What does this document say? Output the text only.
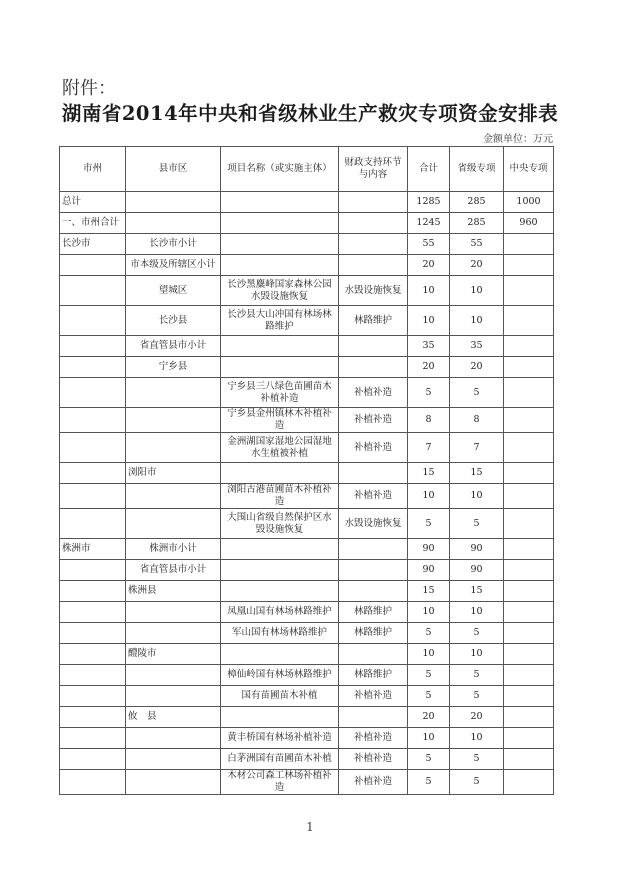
附件：
湖南省2014年中央和省级林业生产救灾专项资金安排表
金额单位：万元
市州	县市区	项目名称（或实施主体）	财政支持环节与内容	合计	省级专项	中央专项
总计				1285	285	1000
一、市州合计				1245	285	960
长沙市	长沙市小计			55	55	
	市本级及所辖区小计			20	20	
	望城区	长沙黑麋峰国家森林公园水毁设施恢复	水毁设施恢复	10	10	
	长沙县	长沙县大山冲国有林场林路维护	林路维护	10	10	
	省直管县市小计			35	35	
	宁乡县			20	20	
		宁乡县三八绿色苗圃苗木补植补造	补植补造	5	5	
		宁乡县金州镇林木补植补造	补植补造	8	8	
		金洲湖国家湿地公园湿地水生植被补植	补植补造	7	7	
	浏阳市			15	15	
		浏阳古港苗圃苗木补植补造	补植补造	10	10	
		大围山省级自然保护区水毁设施恢复	水毁设施恢复	5	5	
株洲市	株洲市小计			90	90	
	省直管县市小计			90	90	
	株洲县			15	15	
		凤凰山国有林场林路维护	林路维护	10	10	
		军山国有林场林路维护	林路维护	5	5	
	醴陵市			10	10	
		樟仙岭国有林场林路维护	林路维护	5	5	
		国有苗圃苗木补植	补植补造	5	5	
	攸　县			20	20	
		黄丰桥国有林场补植补造	补植补造	10	10	
		白茅洲国有苗圃苗木补植	补植补造	5	5	
		木材公司森工林场补植补造	补植补造	5	5	
1
